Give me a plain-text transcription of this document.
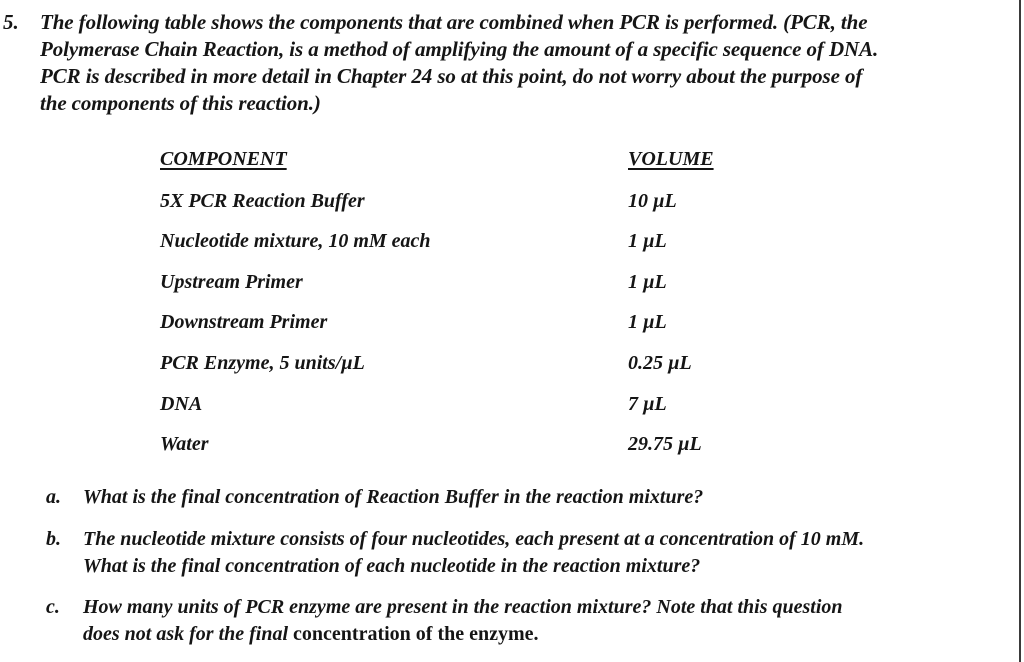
5. The following table shows the components that are combined when PCR is performed. (PCR, the
Polymerase Chain Reaction, is a method of amplifying the amount of a specific sequence of DNA.
PCR is described in more detail in Chapter 24 so at this point, do not worry about the purpose of
the components of this reaction.)
COMPONENT	VOLUME
5X PCR Reaction Buffer	10 µL
Nucleotide mixture, 10 mM each	1 µL
Upstream Primer	1 µL
Downstream Primer	1 µL
PCR Enzyme, 5 units/µL	0.25 µL
DNA	7 µL
Water	29.75 µL
a. What is the final concentration of Reaction Buffer in the reaction mixture?
b. The nucleotide mixture consists of four nucleotides, each present at a concentration of 10 mM.
What is the final concentration of each nucleotide in the reaction mixture?
c. How many units of PCR enzyme are present in the reaction mixture? Note that this question
does not ask for the final concentration of the enzyme.
